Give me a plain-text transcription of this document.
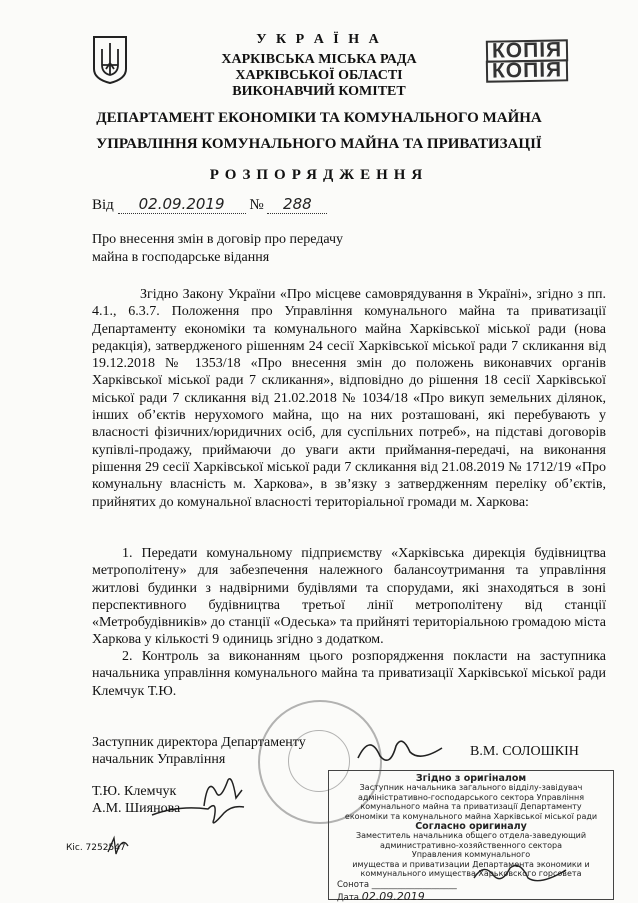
У К Р А Ї Н А
ХАРКІВСЬКА МІСЬКА РАДА
ХАРКІВСЬКОЇ ОБЛАСТІ
ВИКОНАВЧИЙ КОМІТЕТ
ДЕПАРТАМЕНТ ЕКОНОМІКИ ТА КОМУНАЛЬНОГО МАЙНА
УПРАВЛІННЯ КОМУНАЛЬНОГО МАЙНА ТА ПРИВАТИЗАЦІЇ
РОЗПОРЯДЖЕННЯ
КОПІЯ
КОПІЯ
Від 02.09.2019 № 288
Про внесення змін в договір про передачу
майна в господарське відання
Згідно Закону України «Про місцеве самоврядування в Україні», згідно з пп. 4.1., 6.3.7. Положення про Управління комунального майна та приватизації Департаменту економіки та комунального майна Харківської міської ради (нова редакція), затвердженого рішенням 24 сесії Харківської міської ради 7 скликання від 19.12.2018 № 1353/18 «Про внесення змін до положень виконавчих органів Харківської міської ради 7 скликання», відповідно до рішення 18 сесії Харківської міської ради 7 скликання від 21.02.2018 № 1034/18 «Про викуп земельних ділянок, інших об’єктів нерухомого майна, що на них розташовані, які перебувають у власності фізичних/юридичних осіб, для суспільних потреб», на підставі договорів купівлі-продажу, приймаючи до уваги акти приймання-передачі, на виконання рішення 29 сесії Харківської міської ради 7 скликання від 21.08.2019 № 1712/19 «Про комунальну власність м. Харкова», в зв’язку з затвердженням переліку об’єктів, прийнятих до комунальної власності територіальної громади м. Харкова:
1. Передати комунальному підприємству «Харківська дирекція будівництва метрополітену» для забезпечення належного балансоутримання та управління житлові будинки з надвірними будівлями та спорудами, які знаходяться в зоні перспективного будівництва третьої лінії метрополітену від станції «Метробудівників» до станції «Одеська» та прийняті територіальною громадою міста Харкова у кількості 9 одиниць згідно з додатком.
2. Контроль за виконанням цього розпорядження покласти на заступника начальника управління комунального майна та приватизації Харківської міської ради Клемчук Т.Ю.
Заступник директора Департаменту
начальник Управління
В.М. СОЛОШКІН
Т.Ю. Клемчук
А.М. Шиянова
Кіс. 7252547
Згідно з оригіналом
Заступник начальника загального відділу-завідувач
адміністративно-господарського сектора Управління
комунального майна та приватизації Департаменту
економіки та комунального майна Харківської міської ради
Согласно оригиналу
Заместитель начальника общего отдела-заведующий
административно-хозяйственного сектора
Управления коммунального
имущества и приватизации Департамента экономики и
коммунального имущества Харьковского горсовета
Сонота ____________________
Дата 02.09.2019
